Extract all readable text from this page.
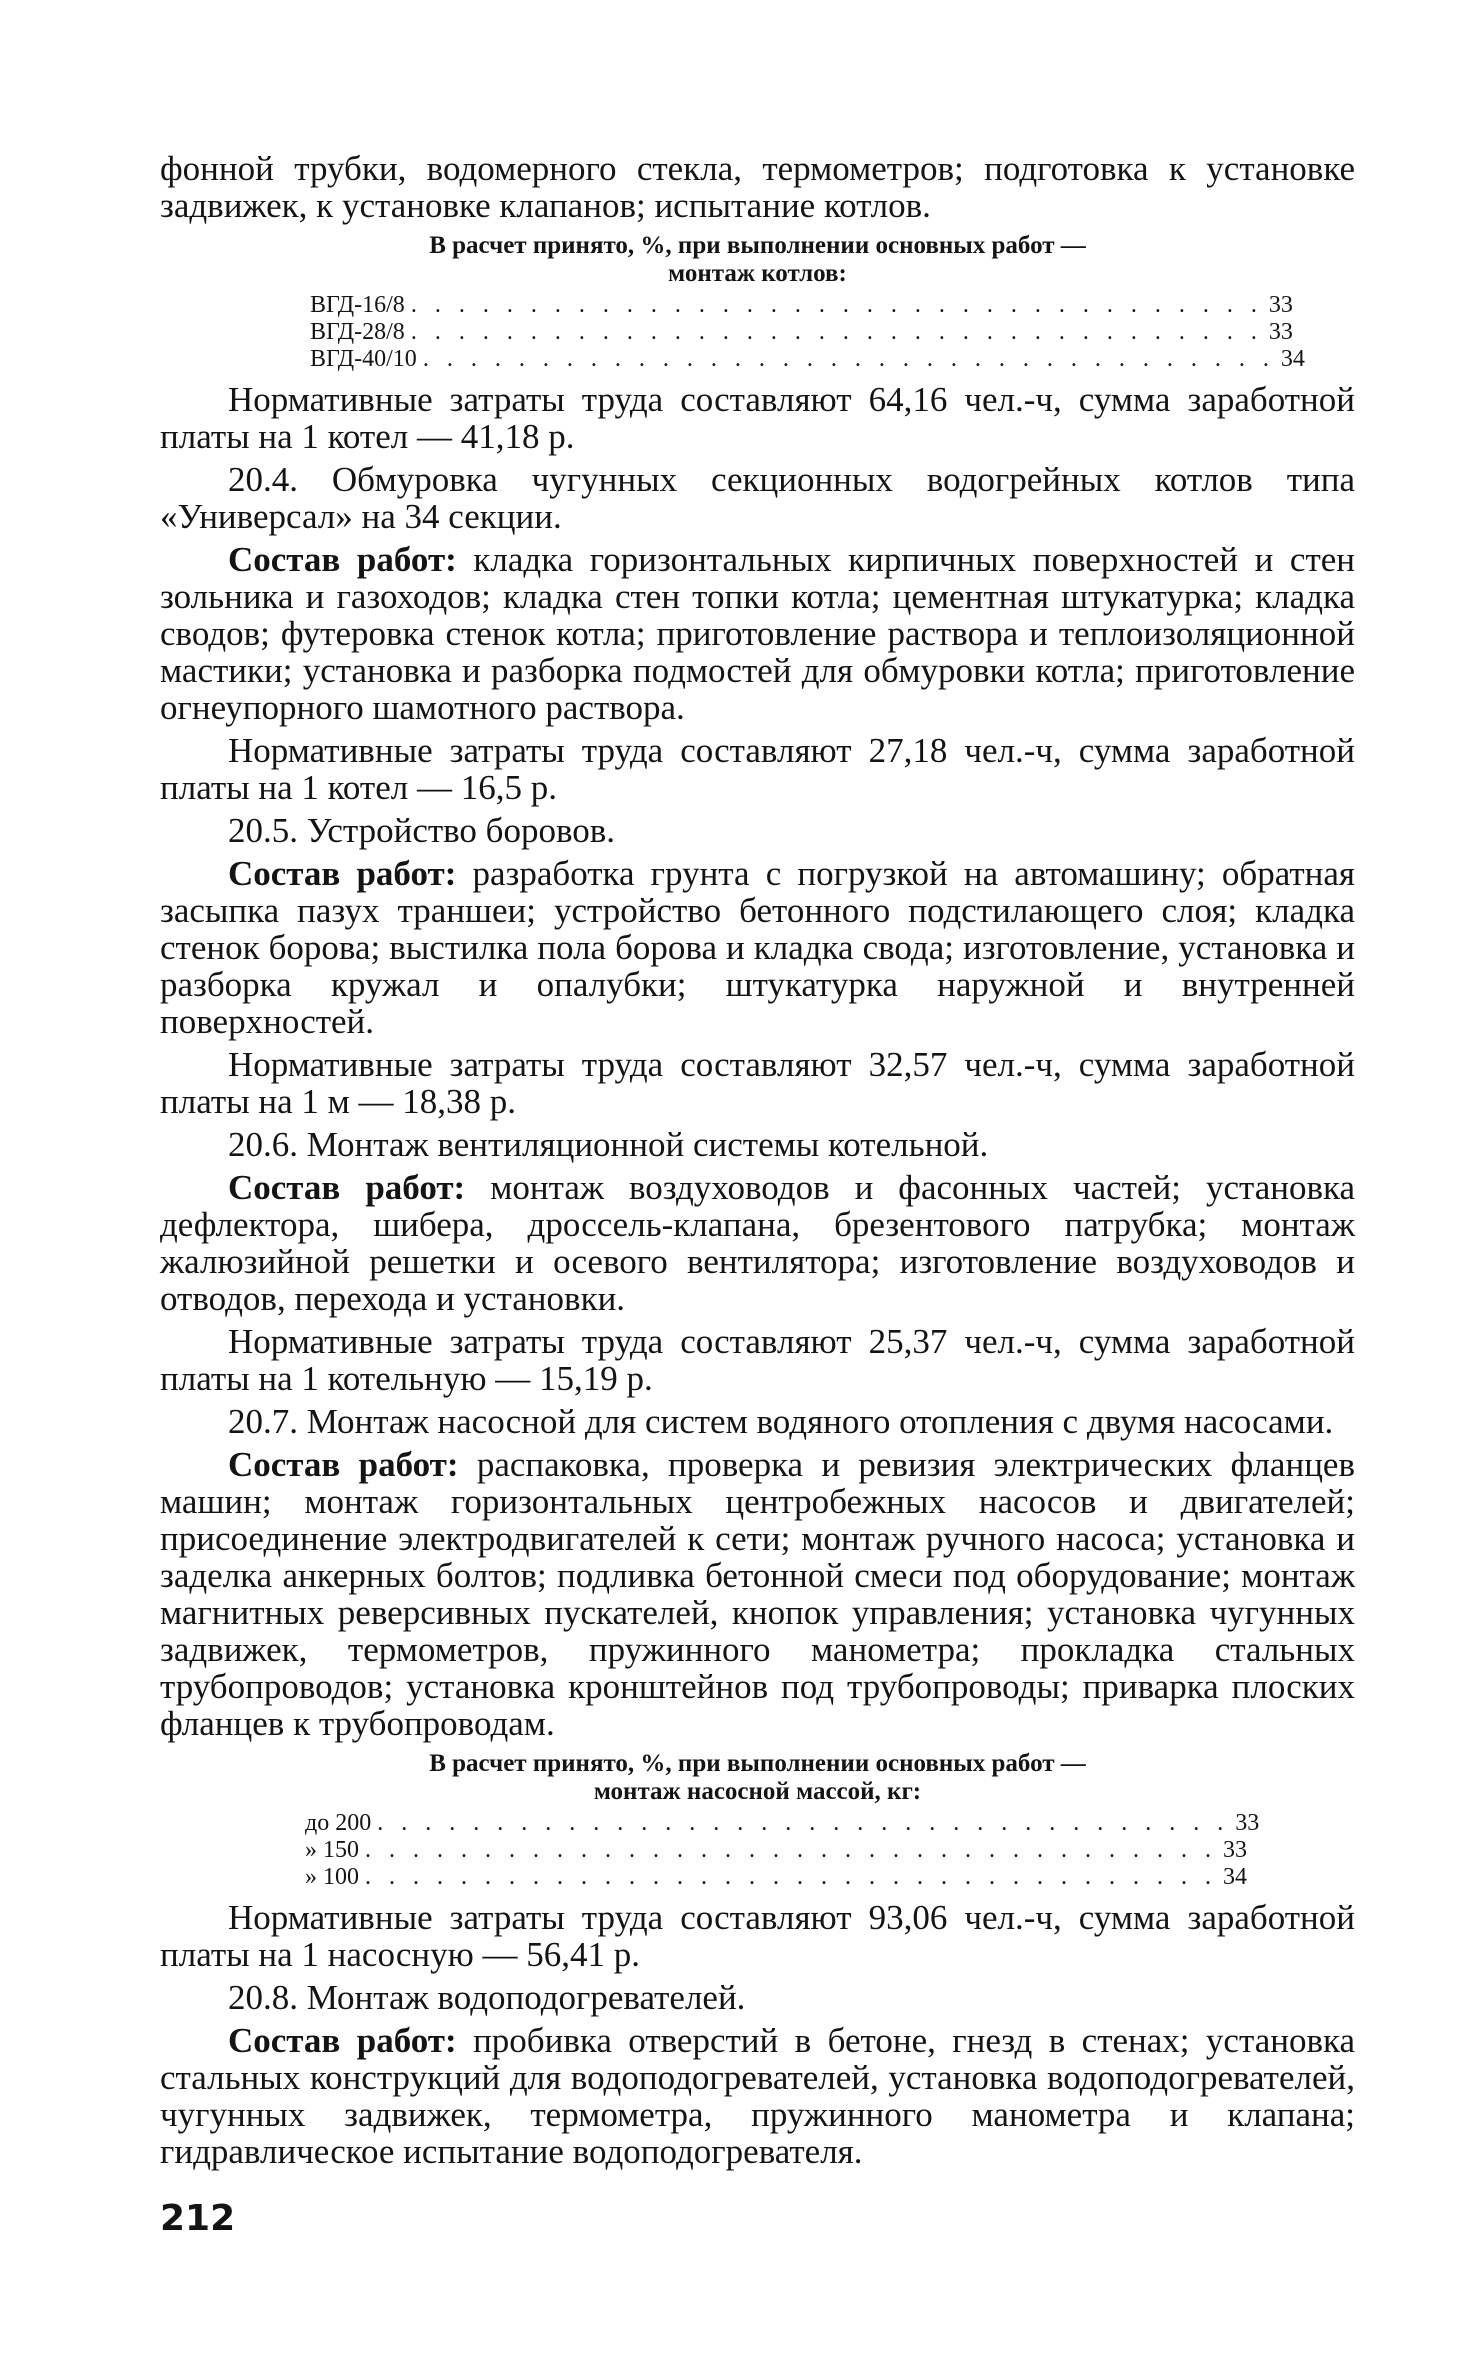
фонной трубки, водомерного стекла, термометров; подготовка к установке задвижек, к установке клапанов; испытание котлов.

В расчет принято, %, при выполнении основных работ —
монтаж котлов:
ВГД-16/8 . . . . . . . . . . . . . . . . . . . . . . . . . . . . . . . . . . . . 33
ВГД-28/8 . . . . . . . . . . . . . . . . . . . . . . . . . . . . . . . . . . . . 33
ВГД-40/10 . . . . . . . . . . . . . . . . . . . . . . . . . . . . . . . . . . . . 34

Нормативные затраты труда составляют 64,16 чел.-ч, сумма заработной платы на 1 котел — 41,18 р.

20.4. Обмуровка чугунных секционных водогрейных котлов типа «Универсал» на 34 секции.

Состав работ: кладка горизонтальных кирпичных поверхностей и стен зольника и газоходов; кладка стен топки котла; цементная штукатурка; кладка сводов; футеровка стенок котла; приготовление раствора и теплоизоляционной мастики; установка и разборка подмостей для обмуровки котла; приготовление огнеупорного шамотного раствора.

Нормативные затраты труда составляют 27,18 чел.-ч, сумма заработной платы на 1 котел — 16,5 р.

20.5. Устройство боровов.

Состав работ: разработка грунта с погрузкой на автомашину; обратная засыпка пазух траншеи; устройство бетонного подстилающего слоя; кладка стенок борова; выстилка пола борова и кладка свода; изготовление, установка и разборка кружал и опалубки; штукатурка наружной и внутренней поверхностей.

Нормативные затраты труда составляют 32,57 чел.-ч, сумма заработной платы на 1 м — 18,38 р.

20.6. Монтаж вентиляционной системы котельной.

Состав работ: монтаж воздуховодов и фасонных частей; установка дефлектора, шибера, дроссель-клапана, брезентового патрубка; монтаж жалюзийной решетки и осевого вентилятора; изготовление воздуховодов и отводов, перехода и установки.

Нормативные затраты труда составляют 25,37 чел.-ч, сумма заработной платы на 1 котельную — 15,19 р.

20.7. Монтаж насосной для систем водяного отопления с двумя насосами.

Состав работ: распаковка, проверка и ревизия электрических фланцев машин; монтаж горизонтальных центробежных насосов и двигателей; присоединение электродвигателей к сети; монтаж ручного насоса; установка и заделка анкерных болтов; подливка бетонной смеси под оборудование; монтаж магнитных реверсивных пускателей, кнопок управления; установка чугунных задвижек, термометров, пружинного манометра; прокладка стальных трубопроводов; установка кронштейнов под трубопроводы; приварка плоских фланцев к трубопроводам.

В расчет принято, %, при выполнении основных работ —
монтаж насосной массой, кг:
до 200 . . . . . . . . . . . . . . . . . . . . . . . . . . . . . . . . . . . . 33
» 150 . . . . . . . . . . . . . . . . . . . . . . . . . . . . . . . . . . . . 33
» 100 . . . . . . . . . . . . . . . . . . . . . . . . . . . . . . . . . . . . 34

Нормативные затраты труда составляют 93,06 чел.-ч, сумма заработной платы на 1 насосную — 56,41 р.

20.8. Монтаж водоподогревателей.

Состав работ: пробивка отверстий в бетоне, гнезд в стенах; установка стальных конструкций для водоподогревателей, установка водоподогревателей, чугунных задвижек, термометра, пружинного манометра и клапана; гидравлическое испытание водоподогревателя.

212
